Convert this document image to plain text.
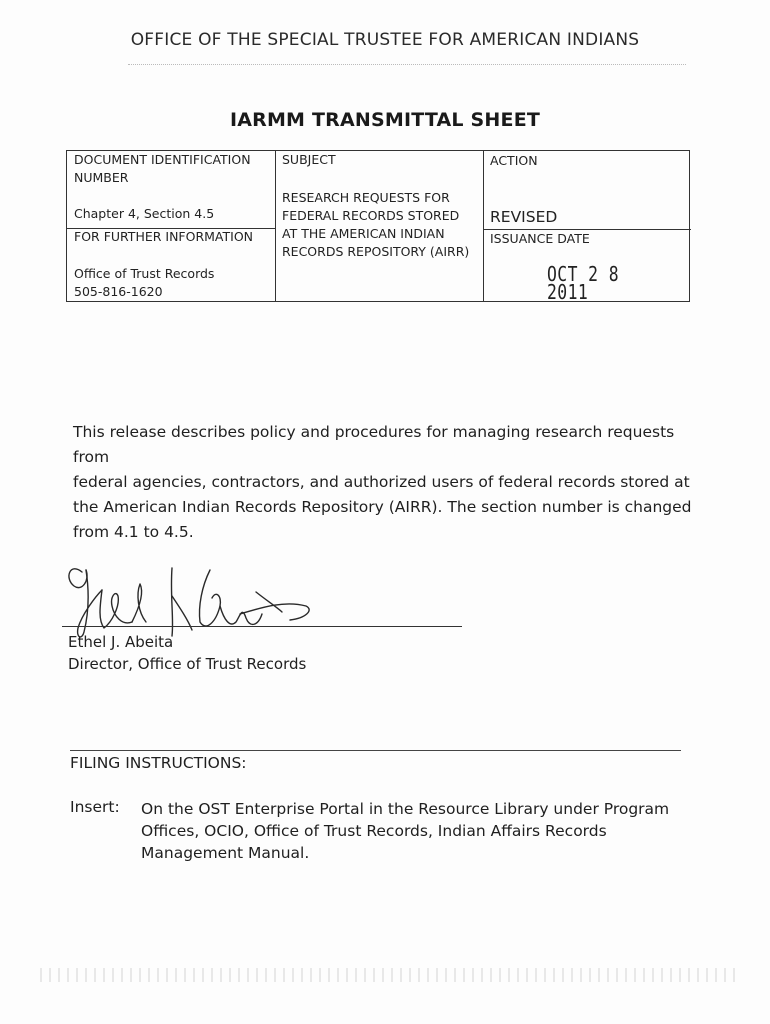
OFFICE OF THE SPECIAL TRUSTEE FOR AMERICAN INDIANS
IARMM TRANSMITTAL SHEET
DOCUMENT IDENTIFICATION
NUMBER
Chapter 4, Section 4.5
FOR FURTHER INFORMATION
Office of Trust Records
505-816-1620
SUBJECT
RESEARCH REQUESTS FOR
FEDERAL RECORDS STORED
AT THE AMERICAN INDIAN
RECORDS REPOSITORY (AIRR)
ACTION
REVISED
ISSUANCE DATE
OCT 2 8 2011
This release describes policy and procedures for managing research requests from
federal agencies, contractors, and authorized users of federal records stored at
the American Indian Records Repository (AIRR). The section number is changed
from 4.1 to 4.5.
Ethel J. Abeita
Director, Office of Trust Records
FILING INSTRUCTIONS:
Insert: On the OST Enterprise Portal in the Resource Library under Program
Offices, OCIO, Office of Trust Records, Indian Affairs Records
Management Manual.
